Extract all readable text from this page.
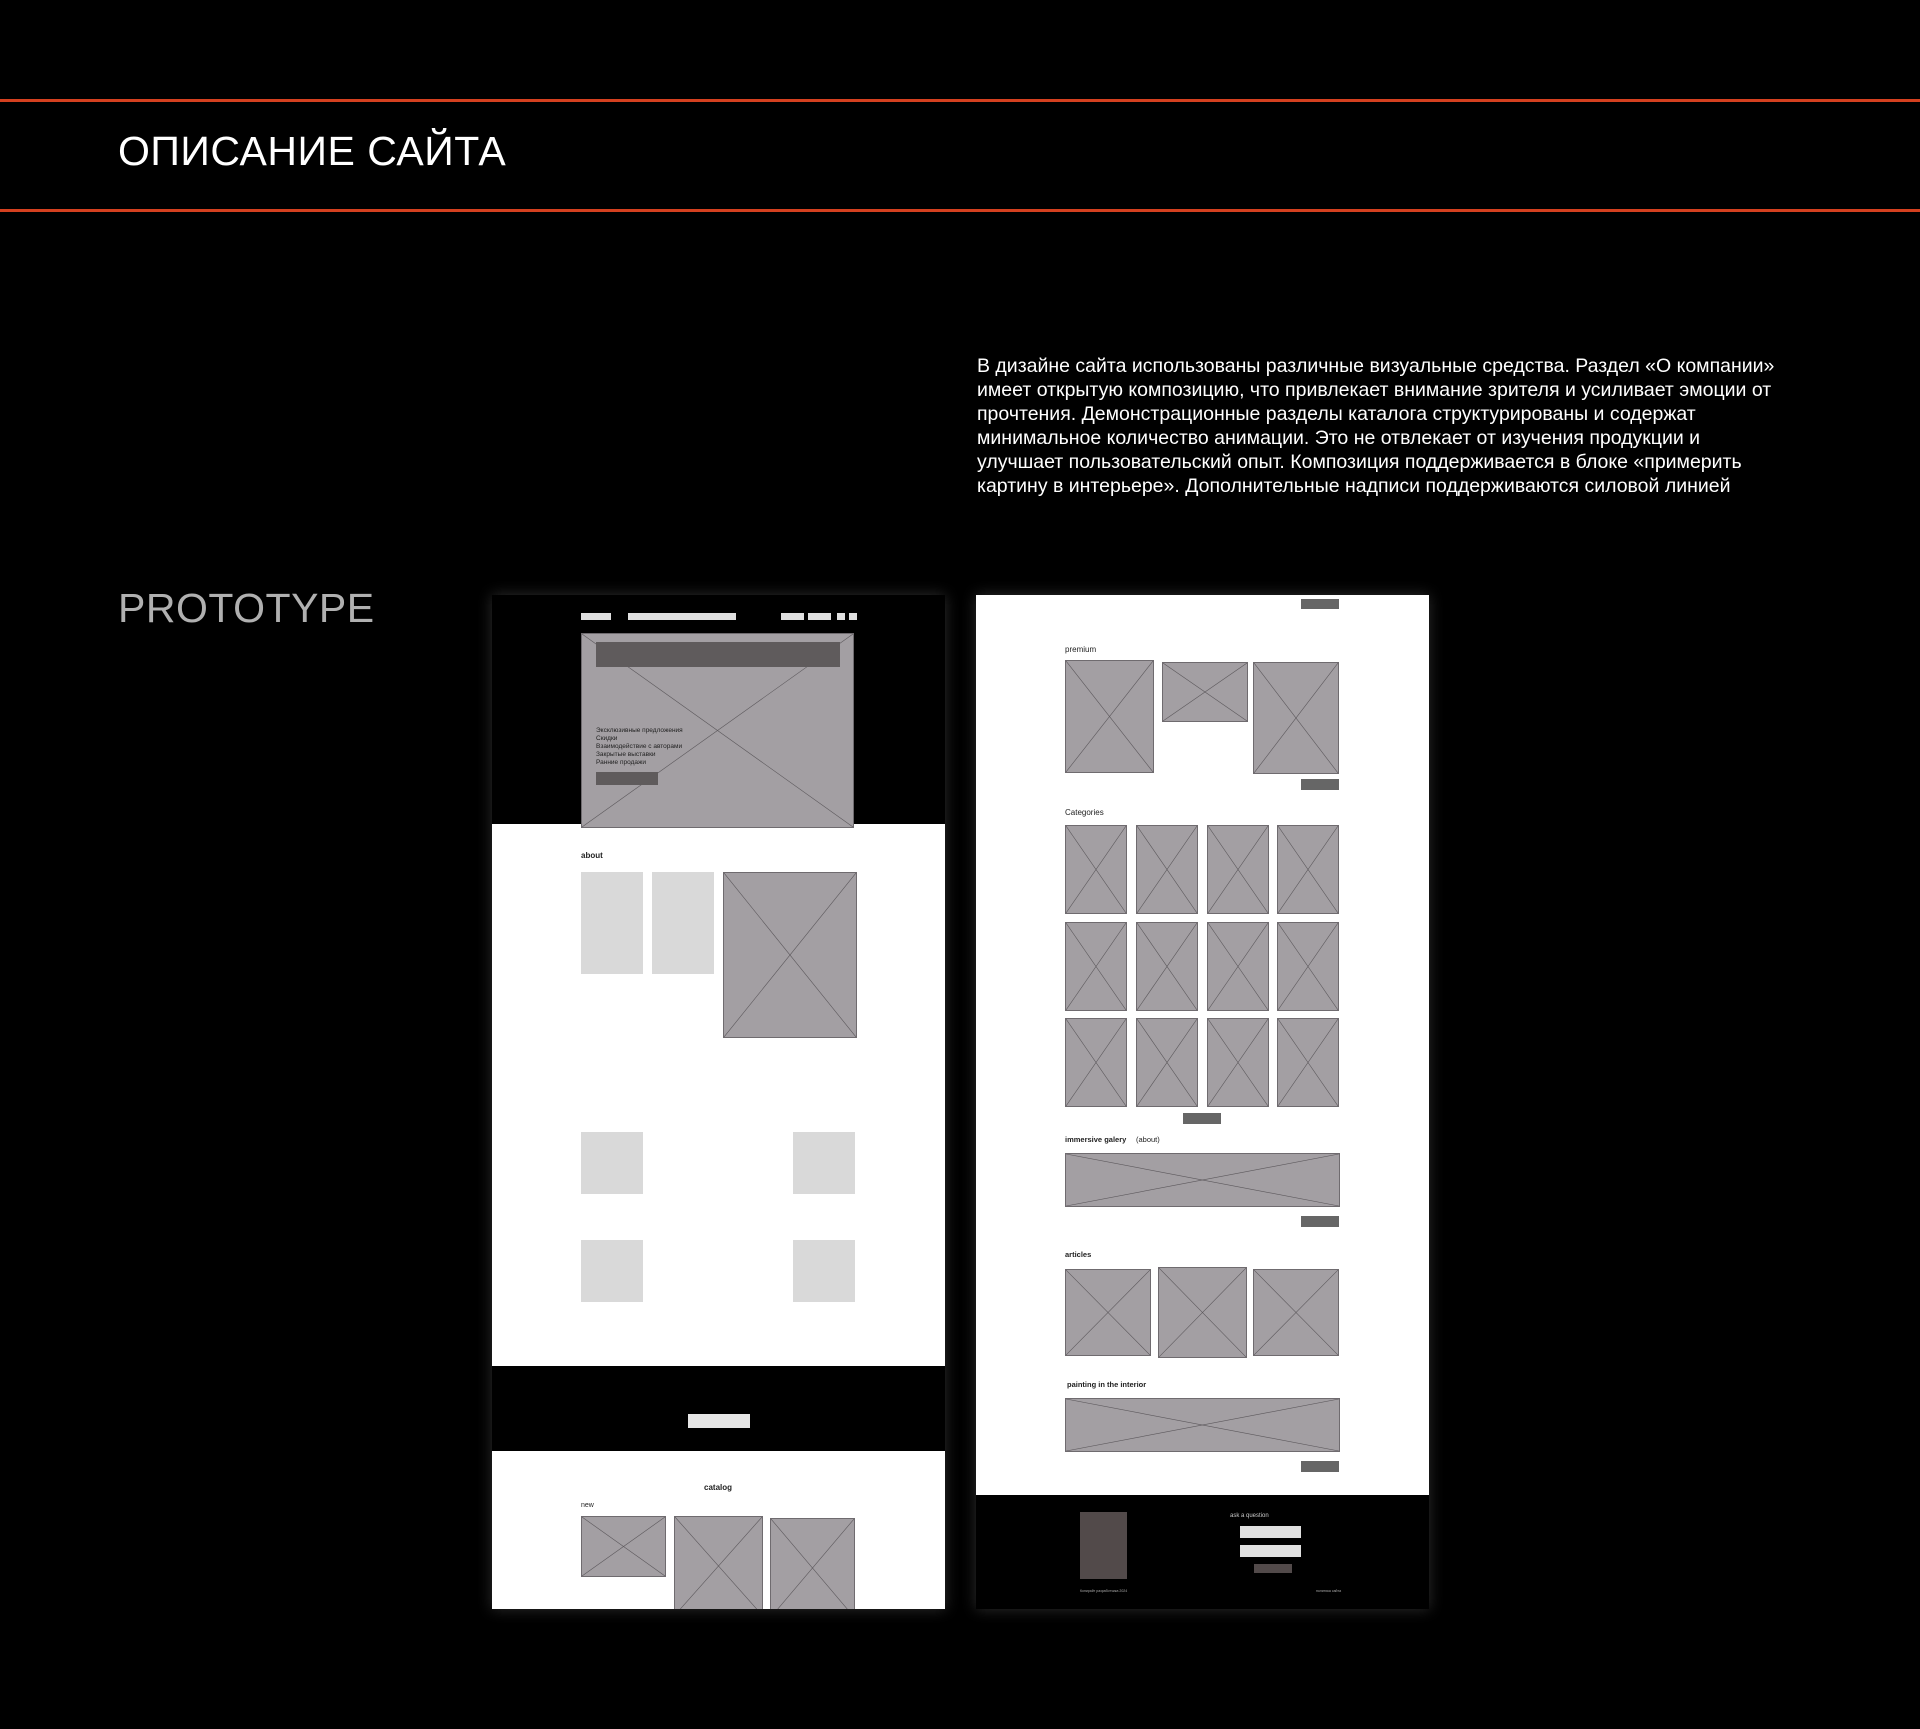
ОПИСАНИЕ САЙТА
В дизайне сайта использованы различные визуальные средства. Раздел «О компании» имеет открытую композицию, что привлекает внимание зрителя и усиливает эмоции от прочтения. Демонстрационные разделы каталога структурированы и содержат минимальное количество анимации. Это не отвлекает от изучения продукции и улучшает пользовательский опыт. Композиция поддерживается в блоке «примерить картину в интерьере». Дополнительные надписи поддерживаются силовой линией
PROTOTYPE
Эксклюзивные предложения
Скидки
Взаимодействие с авторами
Закрытые выставки
Ранние продажи
about
catalog
new
premium
Categories
immersive galery (about)
articles
painting in the interior
ask a question
Копирайт разработчика 2024	политика сайта
